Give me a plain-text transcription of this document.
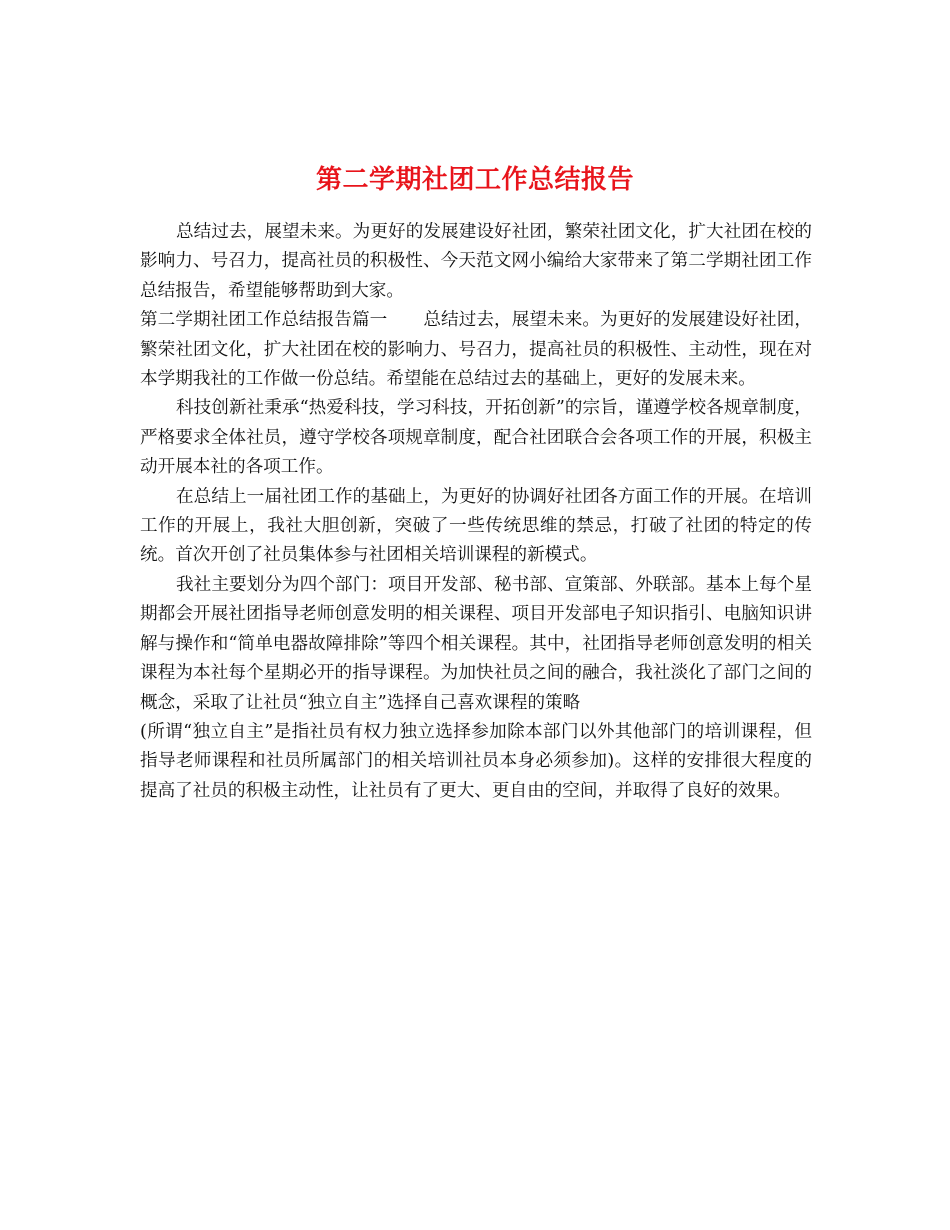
第二学期社团工作总结报告

总结过去，展望未来。为更好的发展建设好社团，繁荣社团文化，扩大社团在校的影响力、号召力，提高社员的积极性、今天范文网小编给大家带来了第二学期社团工作总结报告，希望能够帮助到大家。

第二学期社团工作总结报告篇一 总结过去，展望未来。为更好的发展建设好社团，繁荣社团文化，扩大社团在校的影响力、号召力，提高社员的积极性、主动性，现在对本学期我社的工作做一份总结。希望能在总结过去的基础上，更好的发展未来。

科技创新社秉承“热爱科技，学习科技，开拓创新”的宗旨，谨遵学校各规章制度，严格要求全体社员，遵守学校各项规章制度，配合社团联合会各项工作的开展，积极主动开展本社的各项工作。

在总结上一届社团工作的基础上，为更好的协调好社团各方面工作的开展。在培训工作的开展上，我社大胆创新，突破了一些传统思维的禁忌，打破了社团的特定的传统。首次开创了社员集体参与社团相关培训课程的新模式。

我社主要划分为四个部门：项目开发部、秘书部、宣策部、外联部。基本上每个星期都会开展社团指导老师创意发明的相关课程、项目开发部电子知识指引、电脑知识讲解与操作和“简单电器故障排除”等四个相关课程。其中，社团指导老师创意发明的相关课程为本社每个星期必开的指导课程。为加快社员之间的融合，我社淡化了部门之间的概念，采取了让社员“独立自主”选择自己喜欢课程的策略

(所谓“独立自主”是指社员有权力独立选择参加除本部门以外其他部门的培训课程，但指导老师课程和社员所属部门的相关培训社员本身必须参加)。这样的安排很大程度的提高了社员的积极主动性，让社员有了更大、更自由的空间，并取得了良好的效果。
